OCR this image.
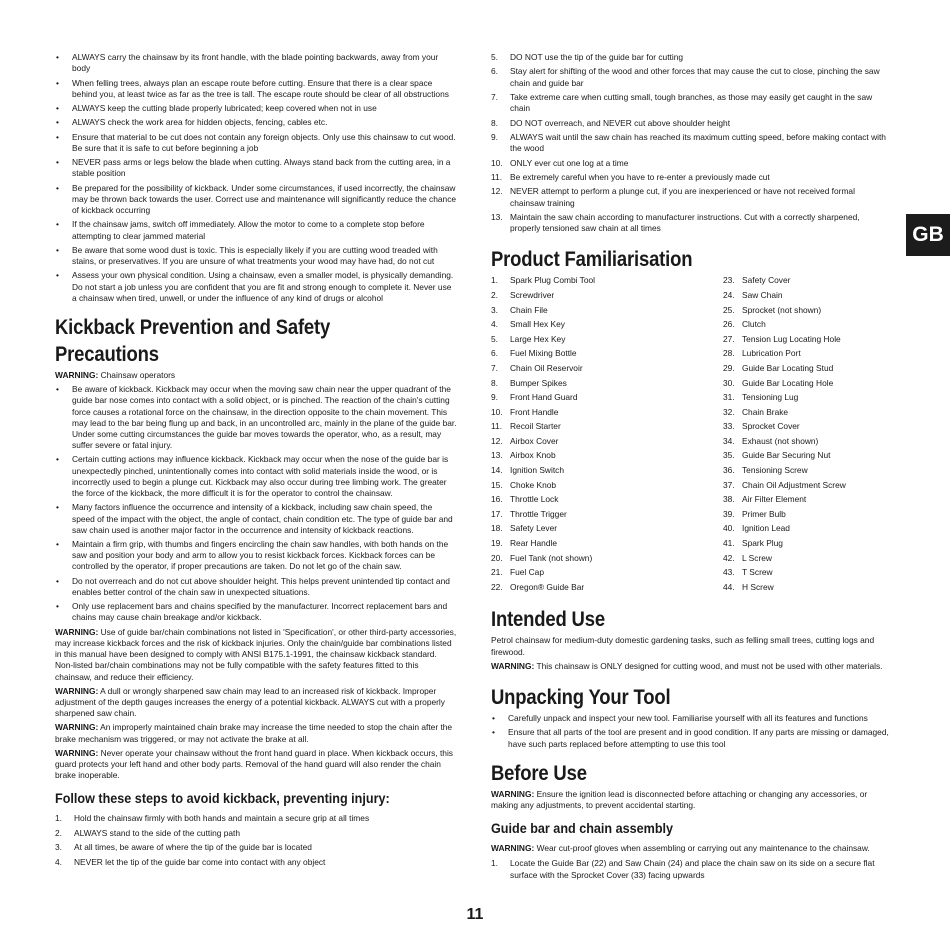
• ALWAYS carry the chainsaw by its front handle, with the blade pointing backwards, away from your body
• When felling trees, always plan an escape route before cutting. Ensure that there is a clear space behind you, at least twice as far as the tree is tall. The escape route should be clear of all obstructions
• ALWAYS keep the cutting blade properly lubricated; keep covered when not in use
• ALWAYS check the work area for hidden objects, fencing, cables etc.
• Ensure that material to be cut does not contain any foreign objects. Only use this chainsaw to cut wood. Be sure that it is safe to cut before beginning a job
• NEVER pass arms or legs below the blade when cutting. Always stand back from the cutting area, in a stable position
• Be prepared for the possibility of kickback. Under some circumstances, if used incorrectly, the chainsaw may be thrown back towards the user. Correct use and maintenance will significantly reduce the chance of kickback occurring
• If the chainsaw jams, switch off immediately. Allow the motor to come to a complete stop before attempting to clear jammed material
• Be aware that some wood dust is toxic. This is especially likely if you are cutting wood treaded with stains, or preservatives. If you are unsure of what treatments your wood may have had, do not cut
• Assess your own physical condition. Using a chainsaw, even a smaller model, is physically demanding. Do not start a job unless you are confident that you are fit and strong enough to complete it. Never use a chainsaw when tired, unwell, or under the influence of any kind of drugs or alcohol
Kickback Prevention and Safety Precautions

WARNING: Chainsaw operators

• Be aware of kickback. Kickback may occur when the moving saw chain near the upper quadrant of the guide bar nose comes into contact with a solid object, or is pinched. The reaction of the chain's cutting force causes a rotational force on the chainsaw, in the direction opposite to the chain movement. This may lead to the bar being flung up and back, in an uncontrolled arc, mainly in the plane of the guide bar. Under some cutting circumstances the guide bar moves towards the operator, who, as a result, may suffer severe or fatal injury.
• Certain cutting actions may influence kickback. Kickback may occur when the nose of the guide bar is unexpectedly pinched, unintentionally comes into contact with solid materials inside the wood, or is incorrectly used to begin a plunge cut. Kickback may also occur during tree limbing work. The greater the force of the kickback, the more difficult it is for the operator to control the chainsaw.
• Many factors influence the occurrence and intensity of a kickback, including saw chain speed, the speed of the impact with the object, the angle of contact, chain condition etc. The type of guide bar and saw chain used is another major factor in the occurrence and intensity of kickback reactions.
• Maintain a firm grip, with thumbs and fingers encircling the chain saw handles, with both hands on the saw and position your body and arm to allow you to resist kickback forces. Kickback forces can be controlled by the operator, if proper precautions are taken. Do not let go of the chain saw.
• Do not overreach and do not cut above shoulder height. This helps prevent unintended tip contact and enables better control of the chain saw in unexpected situations.
• Only use replacement bars and chains specified by the manufacturer. Incorrect replacement bars and chains may cause chain breakage and/or kickback.

WARNING: Use of guide bar/chain combinations not listed in 'Specification', or other third-party accessories, may increase kickback forces and the risk of kickback injuries. Only the chain/guide bar combinations listed in this manual have been designed to comply with ANSI B175.1-1991, the chainsaw kickback standard. Non-listed bar/chain combinations may not be fully compatible with the safety features fitted to this chainsaw, and reduce their efficiency.

WARNING: A dull or wrongly sharpened saw chain may lead to an increased risk of kickback. Improper adjustment of the depth gauges increases the energy of a potential kickback. ALWAYS cut with a properly sharpened saw chain.

WARNING: An improperly maintained chain brake may increase the time needed to stop the chain after the brake mechanism was triggered, or may not activate the brake at all.

WARNING: Never operate your chainsaw without the front hand guard in place. When kickback occurs, this guard protects your left hand and other body parts. Removal of the hand guard will also render the chain brake inoperable.

Follow these steps to avoid kickback, preventing injury:
1. Hold the chainsaw firmly with both hands and maintain a secure grip at all times
2. ALWAYS stand to the side of the cutting path
3. At all times, be aware of where the tip of the guide bar is located
4. NEVER let the tip of the guide bar come into contact with any object
5. DO NOT use the tip of the guide bar for cutting
6. Stay alert for shifting of the wood and other forces that may cause the cut to close, pinching the saw chain and guide bar
7. Take extreme care when cutting small, tough branches, as those may easily get caught in the saw chain
8. DO NOT overreach, and NEVER cut above shoulder height
9. ALWAYS wait until the saw chain has reached its maximum cutting speed, before making contact with the wood
10. ONLY ever cut one log at a time
11. Be extremely careful when you have to re-enter a previously made cut
12. NEVER attempt to perform a plunge cut, if you are inexperienced or have not received formal chainsaw training
13. Maintain the saw chain according to manufacturer instructions. Cut with a correctly sharpened, properly tensioned saw chain at all times
Product Familiarisation
1. Spark Plug Combi Tool
2. Screwdriver
3. Chain File
4. Small Hex Key
5. Large Hex Key
6. Fuel Mixing Bottle
7. Chain Oil Reservoir
8. Bumper Spikes
9. Front Hand Guard
10. Front Handle
11. Recoil Starter
12. Airbox Cover
13. Airbox Knob
14. Ignition Switch
15. Choke Knob
16. Throttle Lock
17. Throttle Trigger
18. Safety Lever
19. Rear Handle
20. Fuel Tank (not shown)
21. Fuel Cap
22. Oregon® Guide Bar
23. Safety Cover
24. Saw Chain
25. Sprocket (not shown)
26. Clutch
27. Tension Lug Locating Hole
28. Lubrication Port
29. Guide Bar Locating Stud
30. Guide Bar Locating Hole
31. Tensioning Lug
32. Chain Brake
33. Sprocket Cover
34. Exhaust (not shown)
35. Guide Bar Securing Nut
36. Tensioning Screw
37. Chain Oil Adjustment Screw
38. Air Filter Element
39. Primer Bulb
40. Ignition Lead
41. Spark Plug
42. L Screw
43. T Screw
44. H Screw
Intended Use

Petrol chainsaw for medium-duty domestic gardening tasks, such as felling small trees, cutting logs and firewood.

WARNING: This chainsaw is ONLY designed for cutting wood, and must not be used with other materials.

Unpacking Your Tool
• Carefully unpack and inspect your new tool. Familiarise yourself with all its features and functions
• Ensure that all parts of the tool are present and in good condition. If any parts are missing or damaged, have such parts replaced before attempting to use this tool
Before Use

WARNING: Ensure the ignition lead is disconnected before attaching or changing any accessories, or making any adjustments, to prevent accidental starting.

Guide bar and chain assembly

WARNING: Wear cut-proof gloves when assembling or carrying out any maintenance to the chainsaw.

1. Locate the Guide Bar (22) and Saw Chain (24) and place the chain saw on its side on a secure flat surface with the Sprocket Cover (33) facing upwards
GB
11
